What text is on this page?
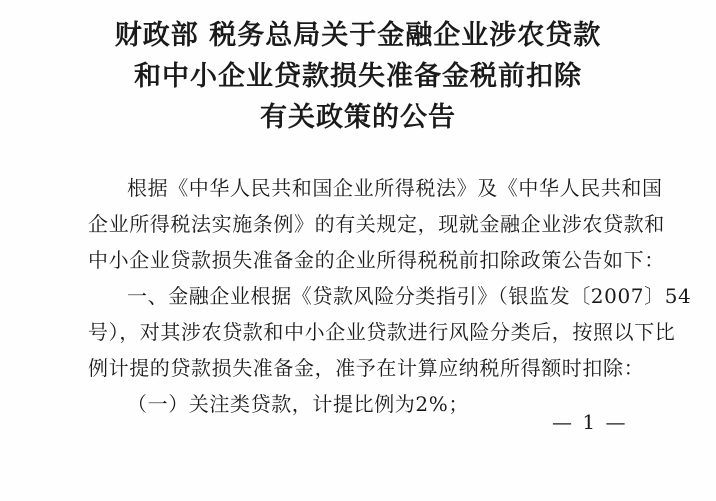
财政部 税务总局关于金融企业涉农贷款
和中小企业贷款损失准备金税前扣除
有关政策的公告
根据《中华人民共和国企业所得税法》及《中华人民共和国
企业所得税法实施条例》的有关规定，现就金融企业涉农贷款和
中小企业贷款损失准备金的企业所得税税前扣除政策公告如下：
一、金融企业根据《贷款风险分类指引》（银监发〔2007〕54
号），对其涉农贷款和中小企业贷款进行风险分类后，按照以下比
例计提的贷款损失准备金，准予在计算应纳税所得额时扣除：
（一）关注类贷款，计提比例为2%；
— 1 —
